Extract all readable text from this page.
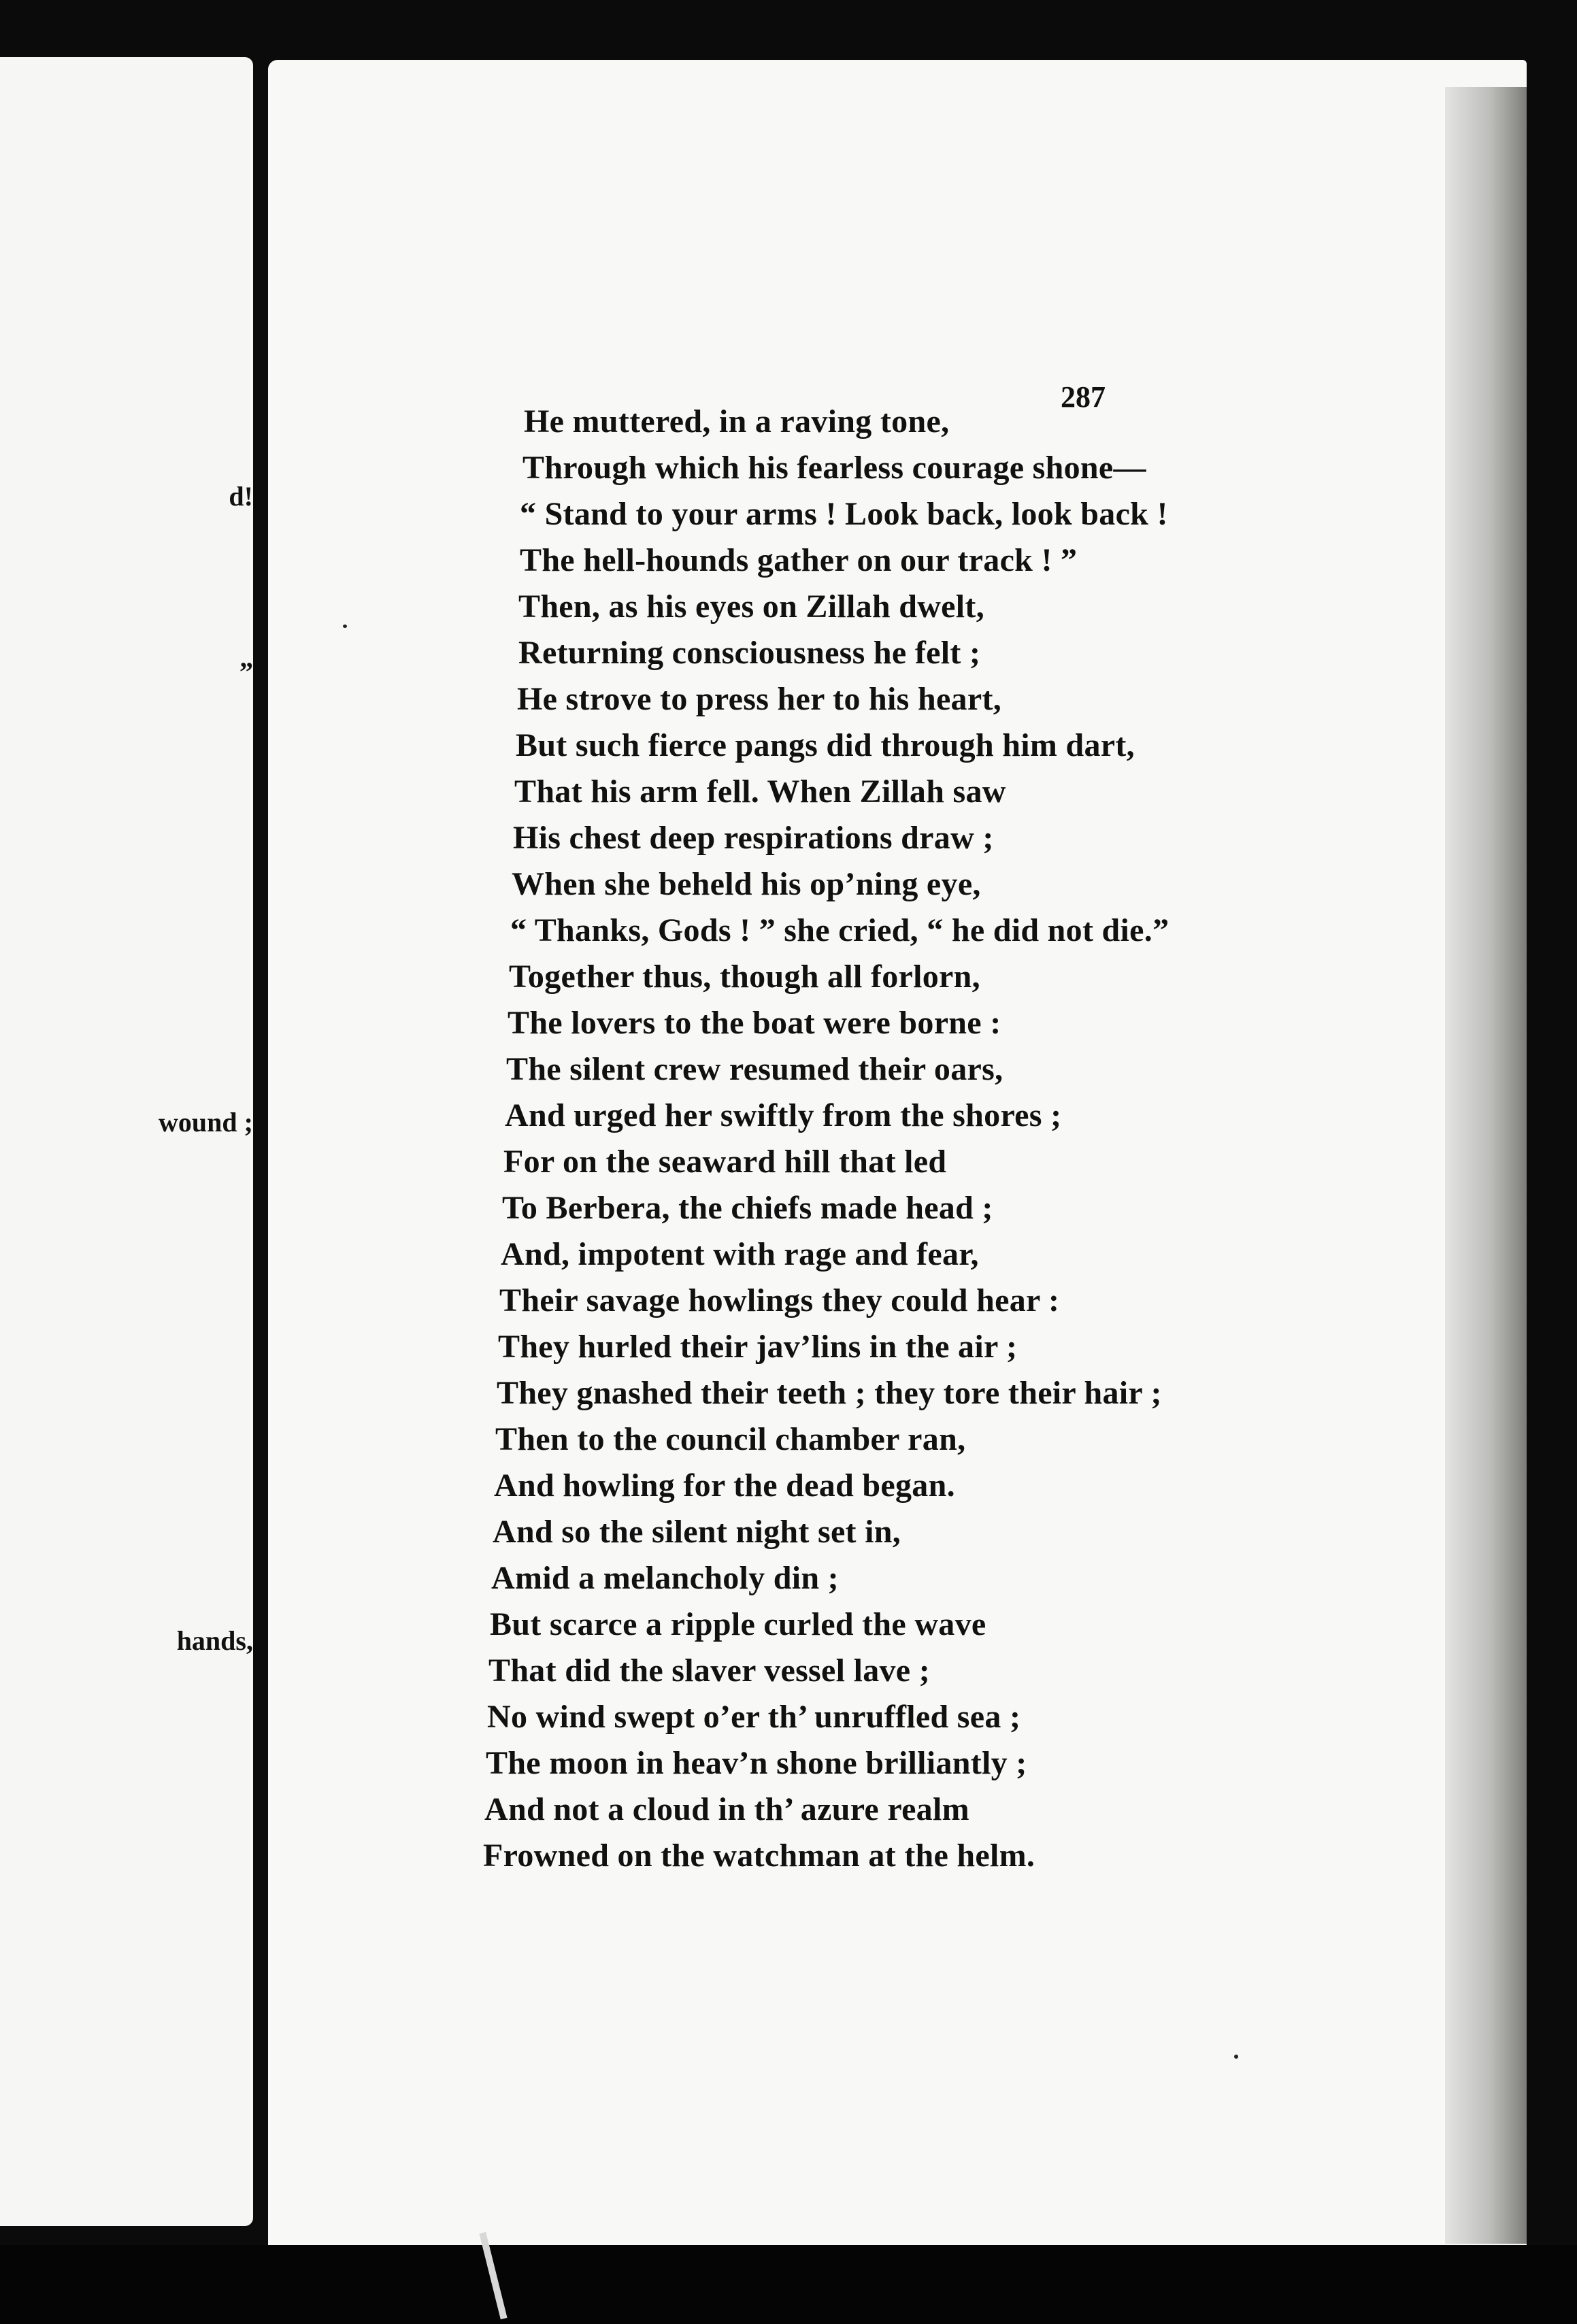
d!
”
wound ;
hands,
287
He muttered, in a raving tone,
Through which his fearless courage shone—
“ Stand to your arms ! Look back, look back !
The hell-hounds gather on our track ! ”
Then, as his eyes on Zillah dwelt,
Returning consciousness he felt ;
He strove to press her to his heart,
But such fierce pangs did through him dart,
That his arm fell. When Zillah saw
His chest deep respirations draw ;
When she beheld his op’ning eye,
“ Thanks, Gods ! ” she cried, “ he did not die.”
Together thus, though all forlorn,
The lovers to the boat were borne :
The silent crew resumed their oars,
And urged her swiftly from the shores ;
For on the seaward hill that led
To Berbera, the chiefs made head ;
And, impotent with rage and fear,
Their savage howlings they could hear :
They hurled their jav’lins in the air ;
They gnashed their teeth ; they tore their hair ;
Then to the council chamber ran,
And howling for the dead began.
And so the silent night set in,
Amid a melancholy din ;
But scarce a ripple curled the wave
That did the slaver vessel lave ;
No wind swept o’er th’ unruffled sea ;
The moon in heav’n shone brilliantly ;
And not a cloud in th’ azure realm
Frowned on the watchman at the helm.
